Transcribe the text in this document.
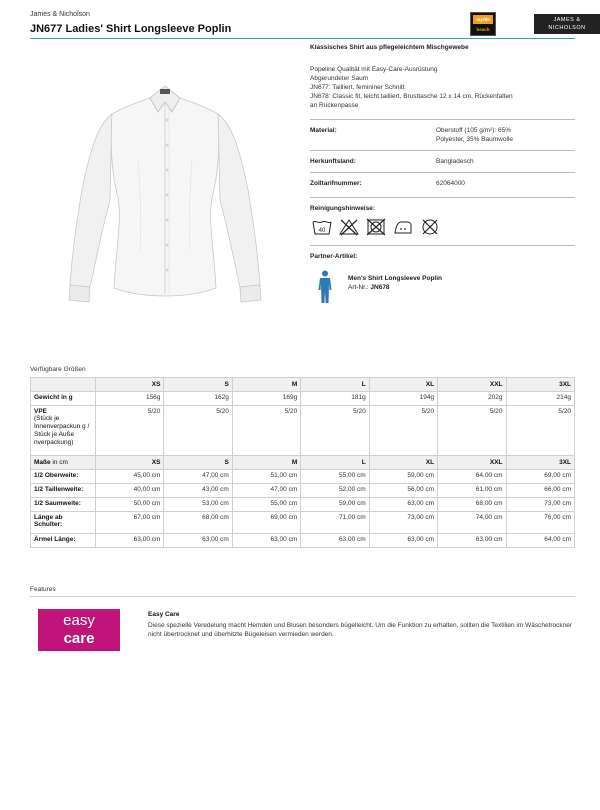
James & Nicholson
JN677 Ladies' Shirt Longsleeve Poplin
myrtle
beach
JAMES & NICHOLSON
Klassisches Shirt aus pflegeleichtem Mischgewebe
Popeline Qualität mit Easy-Care-Ausrüstung
Abgerundeter Saum
JN677: Tailliert, femininer Schnitt
JN678: Classic fit, leicht tailliert, Brusttasche 12 x 14 cm, Rückenfalten
an Rückenpasse
Material:	Oberstoff (105 g/m²): 65%
Polyester, 35% Baumwolle
Herkunftsland:	Bangladesch
Zolltarifnummer:	62064000
Reinigungshinweise:
40
Partner-Artikel:
Men's Shirt Longsleeve Poplin
Art-Nr.: JN678
Verfügbare Größen
	XS	S	M	L	XL	XXL	3XL
Gewicht in g	156g	162g	169g	181g	194g	202g	214g
VPE
(Stück je Innenverpackun g / Stück je Auße nverpackung)	5/20	5/20	5/20	5/20	5/20	5/20	5/20
Maße in cm	XS	S	M	L	XL	XXL	3XL
1/2 Oberweite:	45,00 cm	47,00 cm	51,00 cm	55,00 cm	59,00 cm	64,00 cm	69,00 cm
1/2 Taillenweite:	40,00 cm	43,00 cm	47,00 cm	52,00 cm	56,00 cm	61,00 cm	66,00 cm
1/2 Saumweite:	50,00 cm	53,00 cm	55,00 cm	59,00 cm	63,00 cm	68,00 cm	73,00 cm
Länge ab Schulter:	67,00 cm	68,00 cm	69,00 cm	71,00 cm	73,00 cm	74,00 cm	76,00 cm
Ärmel Länge:	63,00 cm	63,00 cm	63,00 cm	63,00 cm	63,00 cm	63,00 cm	64,00 cm
Features
easy
care
Easy Care
Diese spezielle Veredelung macht Hemden und Blusen besonders bügelleicht. Um die Funktion zu erhalten, sollten die Textilien im Wäschetrockner nicht übertrocknet und überhitzte Bügeleisen vermieden werden.
